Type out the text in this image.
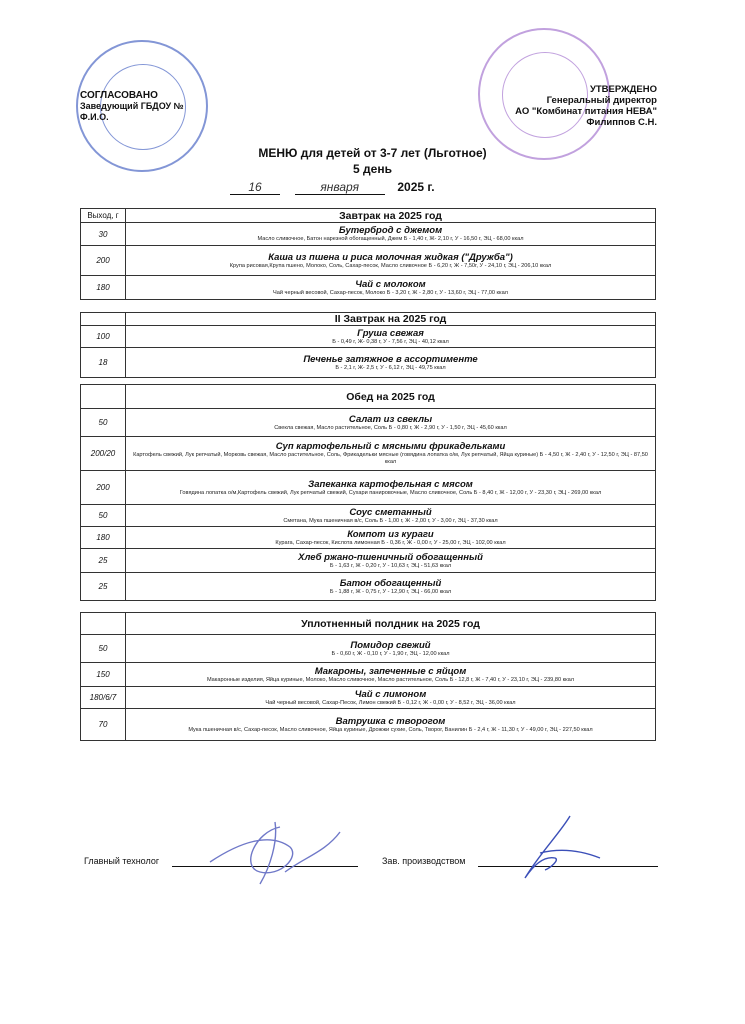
СОГЛАСОВАНО
Заведующий ГБДОУ №
Ф.И.О.
УТВЕРЖДЕНО
Генеральный директор
АО "Комбинат питания НЕВА"
Филиппов С.Н.
МЕНЮ для детей от 3-7 лет (Льготное)
5 день
16	января	2025 г.
Выход, г	Завтрак на 2025 год
30	Бутерброд с джемом
Масло сливочное, Батон нарезной обогащенный, Джем Б - 1,40 г, Ж- 2,10 г, У - 16,50 г, ЭЦ - 68,00 ккал

200	Каша из пшена и риса молочная жидкая ("Дружба")
Крупа рисовая,Крупа пшено, Молоко, Соль, Сахар-песок, Масло сливочное Б - 6,20 г, Ж - 7,50г, У - 24,10 г, ЭЦ - 206,10 ккал

180	Чай с молоком
Чай черный весовой, Сахар-песок, Молоко Б - 3,20 г, Ж - 2,80 г, У - 13,60 г, ЭЦ - 77,00 ккал
	II Завтрак на 2025 год
100	Груша свежая
Б - 0,49 г, Ж- 0,38 г, У - 7,56 г, ЭЦ - 40,12 ккал

18	Печенье затяжное в ассортименте
Б - 2,1 г, Ж- 2,5 г, У - 6,12 г, ЭЦ - 49,75 ккал
	Обед на 2025 год
50	Салат из свеклы
Свекла свежая, Масло растительное, Соль Б - 0,80 г, Ж - 2,90 г, У - 1,50 г, ЭЦ - 45,60 ккал

200/20	Суп картофельный с мясными фрикадельками
Картофель свежий, Лук репчатый, Морковь свежая, Масло растительное, Соль, Фрикадельки мясные (говядина лопатка о/м, Лук репчатый, Яйца куриные) Б - 4,50 г, Ж - 2,40 г, У - 12,50 г, ЭЦ - 87,50 ккал

200	Запеканка картофельная с мясом
Говядина лопатка о/м,Картофель свежий, Лук репчатый свежий, Сухари панировочные, Масло сливочное, Соль Б - 8,40 г, Ж - 12,00 г, У - 23,30 г, ЭЦ - 269,00 ккал

50	Соус сметанный
Сметана, Мука пшеничная в/с, Соль Б - 1,00 г, Ж - 2,00 г, У - 3,00 г, ЭЦ - 37,30 ккал

180	Компот из кураги
Курага, Сахар-песок, Кислота лимонная Б - 0,36 г, Ж - 0,00 г, У - 25,00 г, ЭЦ - 102,00 ккал

25	Хлеб ржано-пшеничный обогащенный
Б - 1,63 г, Ж - 0,20 г, У - 10,63 г, ЭЦ - 51,63 ккал

25	Батон обогащенный
Б - 1,88 г, Ж - 0,75 г, У - 12,90 г, ЭЦ - 66,00 ккал
	Уплотненный полдник на 2025 год
50	Помидор свежий
Б - 0,60 г, Ж - 0,10 г, У - 1,90 г, ЭЦ - 12,00 ккал

150	Макароны, запеченные с яйцом
Макаронные изделия, Яйца куриные, Молоко, Масло сливочное, Масло растительное, Соль Б - 12,8 г, Ж - 7,40 г, У - 23,10 г, ЭЦ - 239,80 ккал

180/6/7	Чай с лимоном
Чай черный весовой, Сахар-Песок, Лимон свежий Б - 0,12 г, Ж - 0,00 г, У - 8,52 г, ЭЦ - 36,00 ккал

70	Ватрушка с творогом
Мука пшеничная в/с, Сахар-песок, Масло сливочное, Яйца куриные, Дрожжи сухие, Соль, Творог, Ванилин Б - 2,4 г, Ж - 11,30 г, У - 49,00 г, ЭЦ - 227,50 ккал
Главный технолог	Зав. производством
